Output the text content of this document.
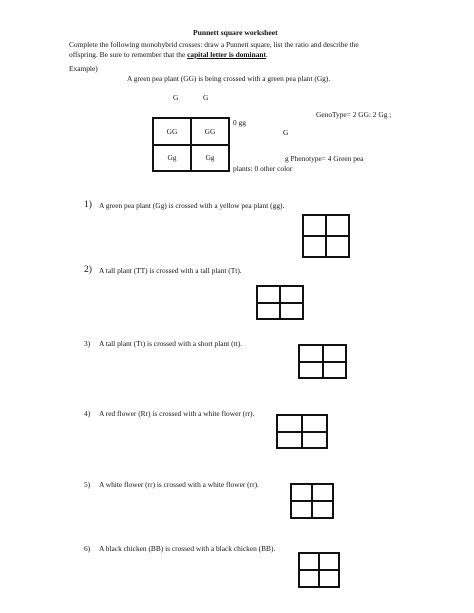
Punnett square worksheet
Complete the following monohybrid crosses: draw a Punnett square, list the ratio and describe the
offspring. Be sure to remember that the capital letter is dominant.
Example)
A green pea plant (GG) is being crossed with a green pea plant (Gg).
G	G
GG	GG
Gg	Gg
0 gg
G
GenoType= 2 GG: 2 Gg ;
g Phenotype= 4 Green pea
plants: 0 other color
1) A green pea plant (Gg) is crossed with a yellow pea plant (gg).
2) A tall plant (TT) is crossed with a tall plant (Tt).
3) A tall plant (Tt) is crossed with a short plant (tt).
4) A red flower (Rr) is crossed with a white flower (rr).
5) A white flower (rr) is crossed with a white flower (rr).
6) A black chicken (BB) is crossed with a black chicken (BB).
